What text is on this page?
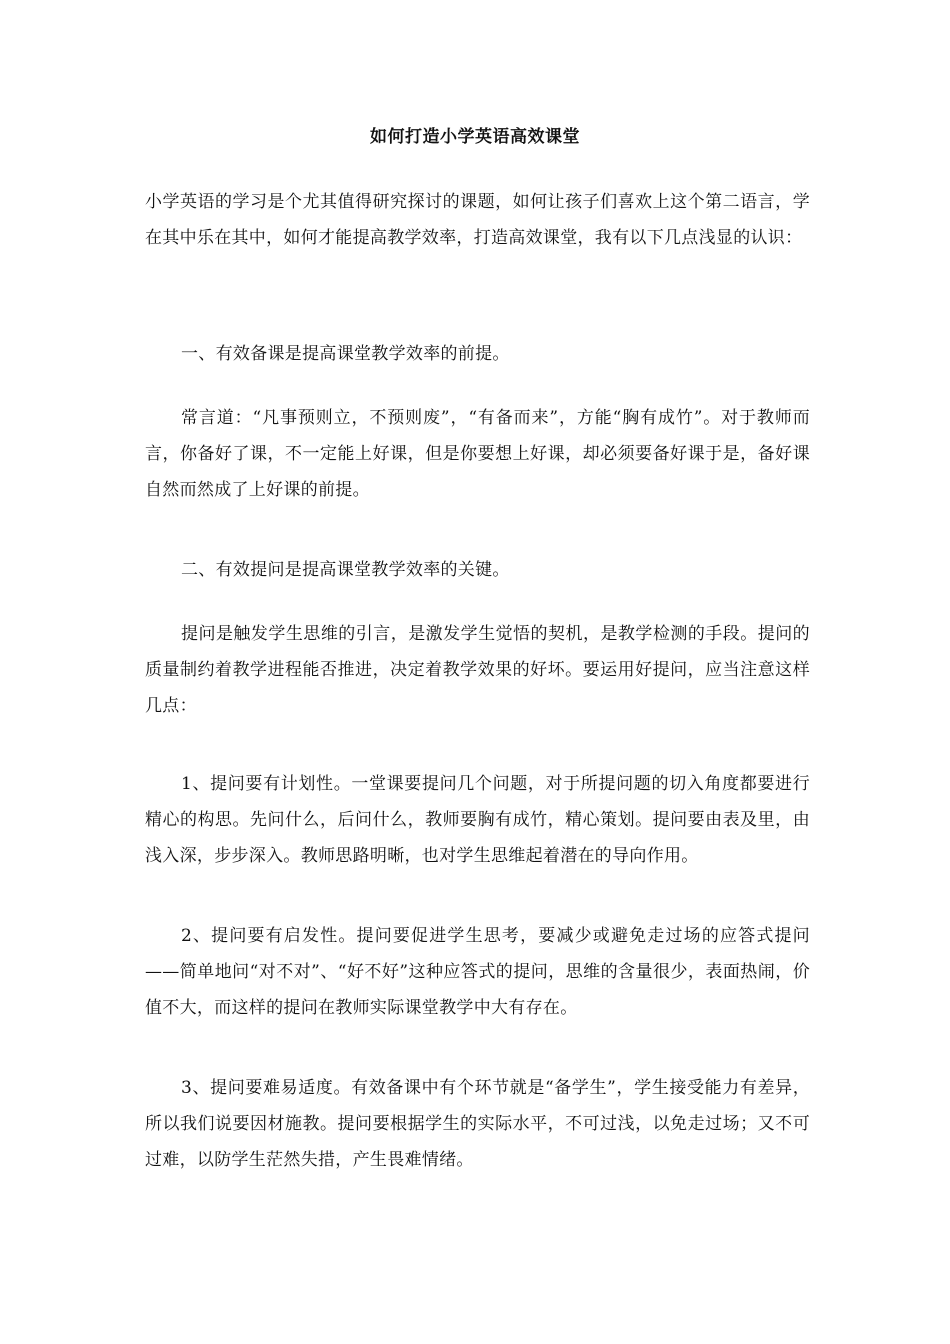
如何打造小学英语高效课堂

小学英语的学习是个尤其值得研究探讨的课题，如何让孩子们喜欢上这个第二语言，学在其中乐在其中，如何才能提高教学效率，打造高效课堂，我有以下几点浅显的认识：

一、有效备课是提高课堂教学效率的前提。

常言道：“凡事预则立，不预则废”，“有备而来”，方能“胸有成竹”。对于教师而言，你备好了课，不一定能上好课，但是你要想上好课，却必须要备好课于是，备好课自然而然成了上好课的前提。

二、有效提问是提高课堂教学效率的关键。

提问是触发学生思维的引言，是激发学生觉悟的契机，是教学检测的手段。提问的质量制约着教学进程能否推进，决定着教学效果的好坏。要运用好提问，应当注意这样几点：

1、提问要有计划性。一堂课要提问几个问题，对于所提问题的切入角度都要进行精心的构思。先问什么，后问什么，教师要胸有成竹，精心策划。提问要由表及里，由浅入深，步步深入。教师思路明晰，也对学生思维起着潜在的导向作用。

2、提问要有启发性。提问要促进学生思考，要减少或避免走过场的应答式提问——简单地问“对不对”、“好不好”这种应答式的提问，思维的含量很少，表面热闹，价值不大，而这样的提问在教师实际课堂教学中大有存在。

3、提问要难易适度。有效备课中有个环节就是“备学生”，学生接受能力有差异，所以我们说要因材施教。提问要根据学生的实际水平，不可过浅，以免走过场；又不可过难，以防学生茫然失措，产生畏难情绪。
